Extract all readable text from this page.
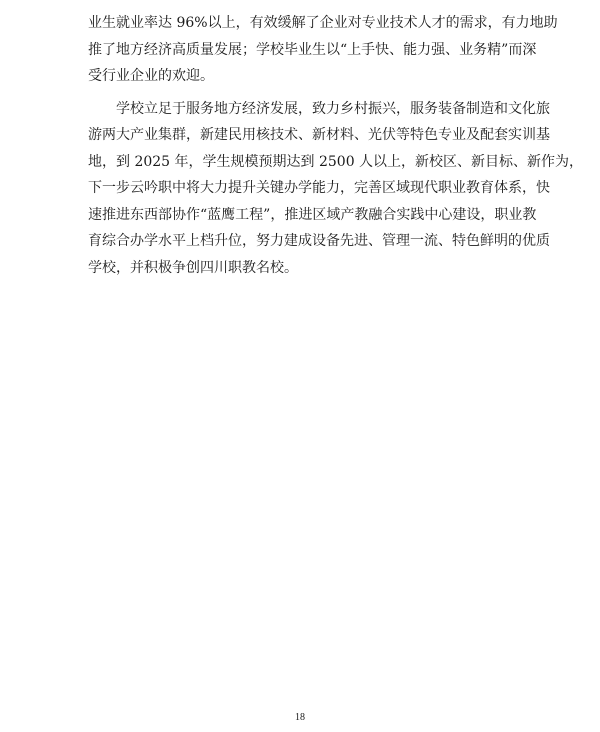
业生就业率达 96%以上，有效缓解了企业对专业技术人才的需求，有力地助
推了地方经济高质量发展；学校毕业生以“上手快、能力强、业务精”而深
受行业企业的欢迎。
　　学校立足于服务地方经济发展，致力乡村振兴，服务装备制造和文化旅
游两大产业集群，新建民用核技术、新材料、光伏等特色专业及配套实训基
地，到 2025 年，学生规模预期达到 2500 人以上，新校区、新目标、新作为，
下一步云吟职中将大力提升关键办学能力，完善区域现代职业教育体系，快
速推进东西部协作“蓝鹰工程”，推进区域产教融合实践中心建设，职业教
育综合办学水平上档升位，努力建成设备先进、管理一流、特色鲜明的优质
学校，并积极争创四川职教名校。
18
